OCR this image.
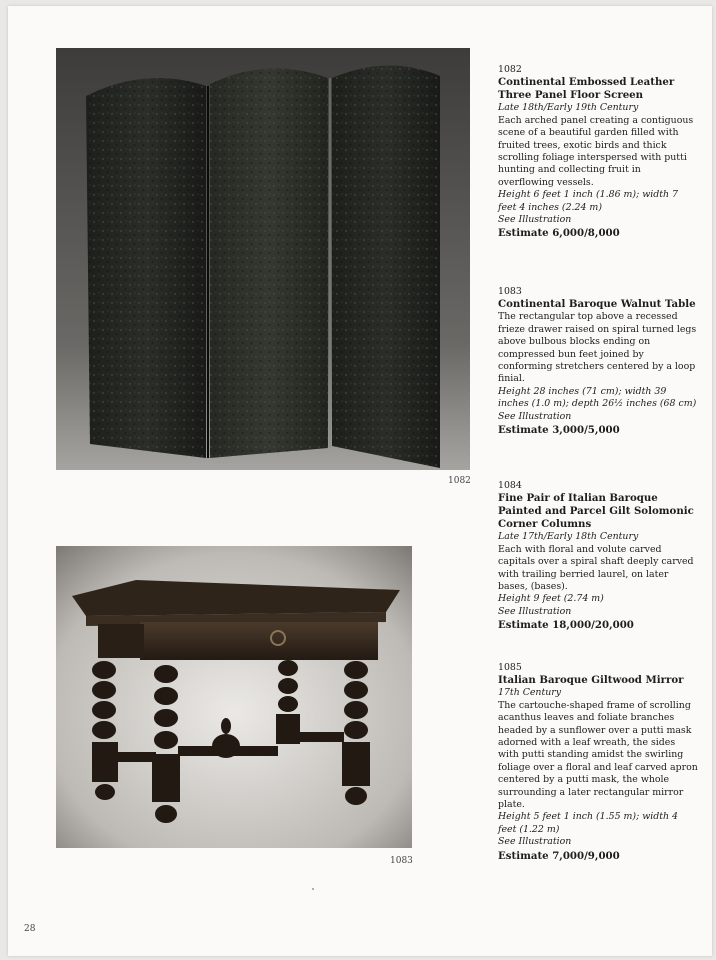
1082
1083
1082
Continental Embossed Leather Three Panel Floor Screen
Late 18th/Early 19th Century
Each arched panel creating a contiguous scene of a beautiful garden filled with fruited trees, exotic birds and thick scrolling foliage interspersed with putti hunting and collecting fruit in overflowing vessels.
Height 6 feet 1 inch (1.86 m); width 7 feet 4 inches (2.24 m)
See Illustration
Estimate 6,000/8,000
1083
Continental Baroque Walnut Table
The rectangular top above a recessed frieze drawer raised on spiral turned legs above bulbous blocks ending on compressed bun feet joined by conforming stretchers centered by a loop finial.
Height 28 inches (71 cm); width 39 inches (1.0 m); depth 26½ inches (68 cm)
See Illustration
Estimate 3,000/5,000
1084
Fine Pair of Italian Baroque Painted and Parcel Gilt Solomonic Corner Columns
Late 17th/Early 18th Century
Each with floral and volute carved capitals over a spiral shaft deeply carved with trailing berried laurel, on later bases, (bases).
Height 9 feet (2.74 m)
See Illustration
Estimate 18,000/20,000
1085
Italian Baroque Giltwood Mirror
17th Century
The cartouche-shaped frame of scrolling acanthus leaves and foliate branches headed by a sunflower over a putti mask adorned with a leaf wreath, the sides with putti standing amidst the swirling foliage over a floral and leaf carved apron centered by a putti mask, the whole surrounding a later rectangular mirror plate.
Height 5 feet 1 inch (1.55 m); width 4 feet (1.22 m)
See Illustration
Estimate 7,000/9,000
28
